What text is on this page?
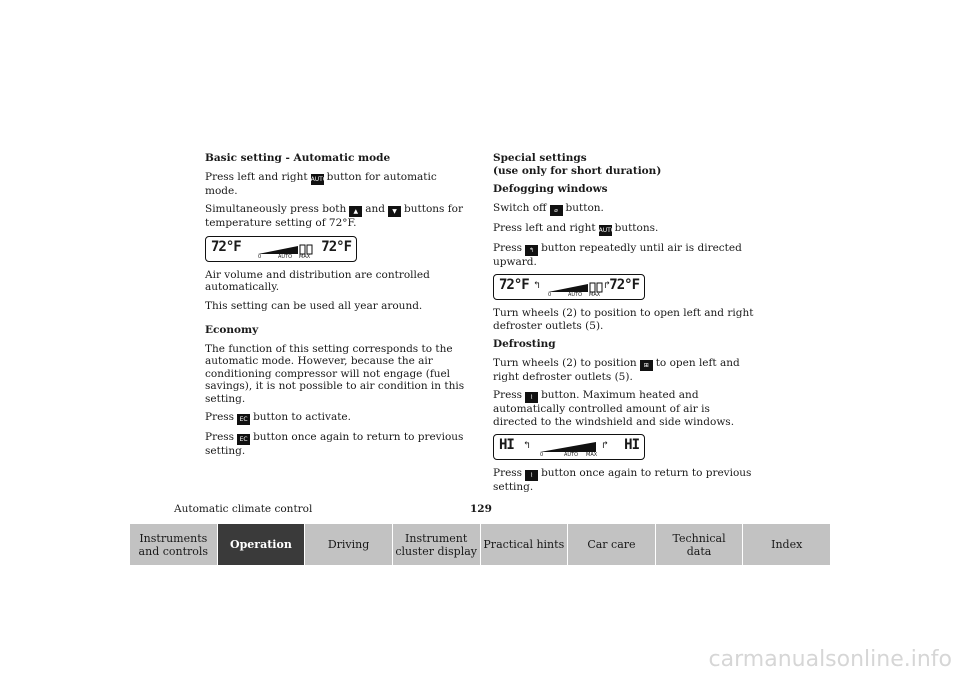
Basic setting - Automatic mode

Press left and right AUTObutton for automatic mode.

Simultaneously press both ▲ and ▼ buttons for temperature setting of 72°F.

72°F
0	AUTO MAX
72°F

Air volume and distribution are controlled automatically.

This setting can be used all year around.

Economy

The function of this setting corresponds to the automatic mode. However, because the air conditioning compressor will not engage (fuel savings), it is not possible to air condition in this setting.

Press EC button to activate.

Press EC button once again to return to previous setting.

Special settings
(use only for short duration)
Defogging windows

Switch off ⌀ button.

Press left and right AUTObuttons.

Press ↰ button repeatedly until air is directed upward.

72°F ↰
0	AUTO MAX
↱ 72°F

Turn wheels (2) to position to open left and right defroster outlets (5).

Defrosting

Turn wheels (2) to position ⊞ to open left and right defroster outlets (5).

Press ⌇ button. Maximum heated and automatically controlled amount of air is directed to the windshield and side windows.

HI ↰
0	AUTO MAX
↱ HI

Press ⌇ button once again to return to previous setting.

Automatic climate control	129
Instruments
and controls	Operation	Driving	Instrument
cluster display Practical hints	Car care	Technical
data	Index
carmanualsonline.info
